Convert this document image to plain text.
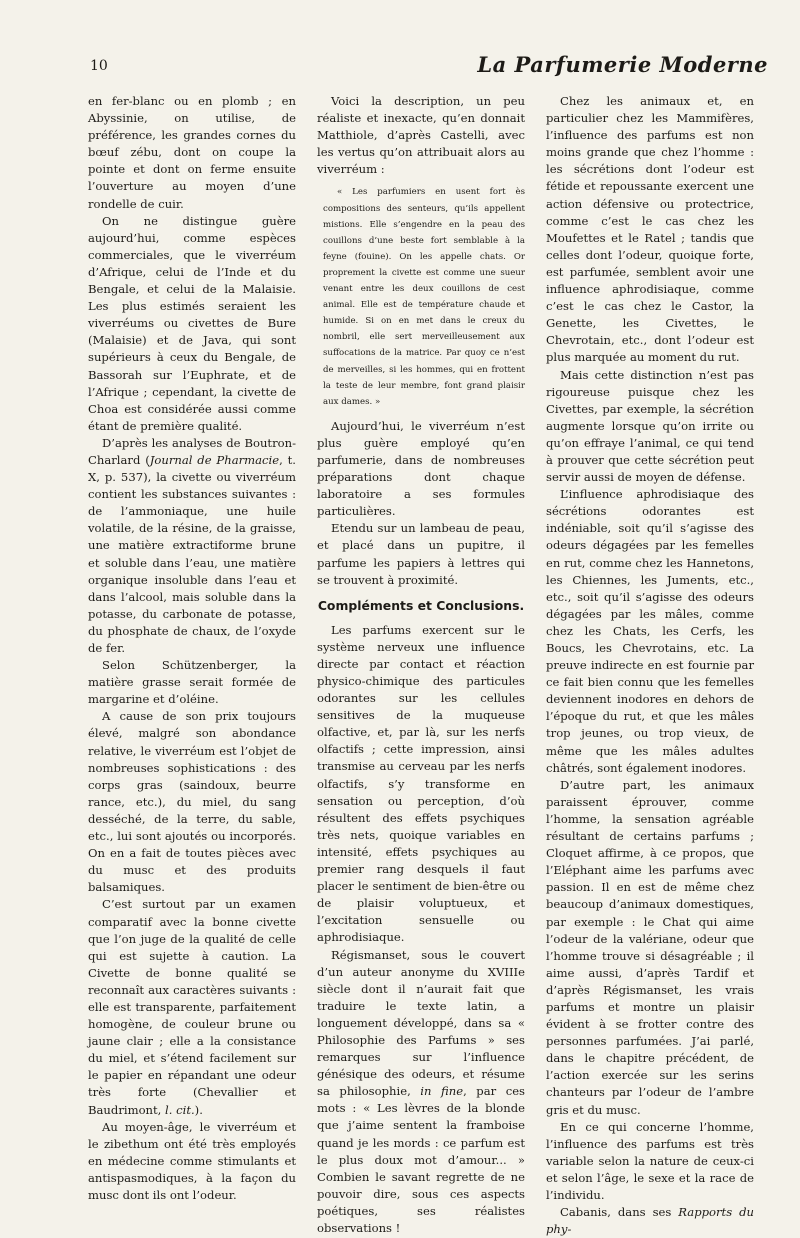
10	La Parfumerie Moderne

en fer-blanc ou en plomb ; en Abyssinie, on utilise, de préférence, les grandes cornes du bœuf zébu, dont on coupe la pointe et dont on ferme ensuite l’ouverture au moyen d’une rondelle de cuir.

On ne distingue guère aujourd’hui, comme espèces commerciales, que le viverréum d’Afrique, celui de l’Inde et du Bengale, et celui de la Malaisie. Les plus estimés seraient les viverréums ou civettes de Bure (Malaisie) et de Java, qui sont supérieurs à ceux du Bengale, de Bassorah sur l’Euphrate, et de l’Afrique ; cependant, la civette de Choa est considérée aussi comme étant de première qualité.

D’après les analyses de Boutron-Charlard (Journal de Pharmacie, t. X, p. 537), la civette ou viverréum contient les substances suivantes : de l’ammoniaque, une huile volatile, de la résine, de la graisse, une matière extractiforme brune et soluble dans l’eau, une matière organique insoluble dans l’eau et dans l’alcool, mais soluble dans la potasse, du carbonate de potasse, du phosphate de chaux, de l’oxyde de fer.

Selon Schützenberger, la matière grasse serait formée de margarine et d’oléine.

A cause de son prix toujours élevé, malgré son abondance relative, le viverréum est l’objet de nombreuses sophistications : des corps gras (saindoux, beurre rance, etc.), du miel, du sang desséché, de la terre, du sable, etc., lui sont ajoutés ou incorporés. On en a fait de toutes pièces avec du musc et des produits balsamiques.

C’est surtout par un examen comparatif avec la bonne civette que l’on juge de la qualité de celle qui est sujette à caution. La Civette de bonne qualité se reconnaît aux caractères suivants : elle est transparente, parfaitement homogène, de couleur brune ou jaune clair ; elle a la consistance du miel, et s’étend facilement sur le papier en répandant une odeur très forte (Chevallier et Baudrimont, l. cit.).

Au moyen-âge, le viverréum et le zibethum ont été très employés en médecine comme stimulants et antispasmodiques, à la façon du musc dont ils ont l’odeur.

Voici la description, un peu réaliste et inexacte, qu’en donnait Matthiole, d’après Castelli, avec les vertus qu’on attribuait alors au viverréum :

« Les parfumiers en usent fort ès compositions des senteurs, qu’ils appellent mistions. Elle s’engendre en la peau des couillons d’une beste fort semblable à la feyne (fouine). On les appelle chats. Or proprement la civette est comme une sueur venant entre les deux couillons de cest animal. Elle est de température chaude et humide. Si on en met dans le creux du nombril, elle sert merveilleusement aux suffocations de la matrice. Par quoy ce n’est de merveilles, si les hommes, qui en frottent la teste de leur membre, font grand plaisir aux dames. »

Aujourd’hui, le viverréum n’est plus guère employé qu’en parfumerie, dans de nombreuses préparations dont chaque laboratoire a ses formules particulières.

Etendu sur un lambeau de peau, et placé dans un pupitre, il parfume les papiers à lettres qui se trouvent à proximité.

Compléments et Conclusions.

Les parfums exercent sur le système nerveux une influence directe par contact et réaction physico-chimique des particules odorantes sur les cellules sensitives de la muqueuse olfactive, et, par là, sur les nerfs olfactifs ; cette impression, ainsi transmise au cerveau par les nerfs olfactifs, s’y transforme en sensation ou perception, d’où résultent des effets psychiques très nets, quoique variables en intensité, effets psychiques au premier rang desquels il faut placer le sentiment de bien-être ou de plaisir voluptueux, et l’excitation sensuelle ou aphrodisiaque.

Régismanset, sous le couvert d’un auteur anonyme du XVIIIe siècle dont il n’aurait fait que traduire le texte latin, a longuement développé, dans sa « Philosophie des Parfums » ses remarques sur l’influence génésique des odeurs, et résume sa philosophie, in fine, par ces mots : « Les lèvres de la blonde que j’aime sentent la framboise quand je les mords : ce parfum est le plus doux mot d’amour... » Combien le savant regrette de ne pouvoir dire, sous ces aspects poétiques, ses réalistes observations !

Chez les animaux et, en particulier chez les Mammifères, l’influence des parfums est non moins grande que chez l’homme : les sécrétions dont l’odeur est fétide et repoussante exercent une action défensive ou protectrice, comme c’est le cas chez les Moufettes et le Ratel ; tandis que celles dont l’odeur, quoique forte, est parfumée, semblent avoir une influence aphrodisiaque, comme c’est le cas chez le Castor, la Genette, les Civettes, le Chevrotain, etc., dont l’odeur est plus marquée au moment du rut.

Mais cette distinction n’est pas rigoureuse puisque chez les Civettes, par exemple, la sécrétion augmente lorsque qu’on irrite ou qu’on effraye l’animal, ce qui tend à prouver que cette sécrétion peut servir aussi de moyen de défense.

L’influence aphrodisiaque des sécrétions odorantes est indéniable, soit qu’il s’agisse des odeurs dégagées par les femelles en rut, comme chez les Hannetons, les Chiennes, les Juments, etc., etc., soit qu’il s’agisse des odeurs dégagées par les mâles, comme chez les Chats, les Cerfs, les Boucs, les Chevrotains, etc. La preuve indirecte en est fournie par ce fait bien connu que les femelles deviennent inodores en dehors de l’époque du rut, et que les mâles trop jeunes, ou trop vieux, de même que les mâles adultes châtrés, sont également inodores.

D’autre part, les animaux paraissent éprouver, comme l’homme, la sensation agréable résultant de certains parfums ; Cloquet affirme, à ce propos, que l’Eléphant aime les parfums avec passion. Il en est de même chez beaucoup d’animaux domestiques, par exemple : le Chat qui aime l’odeur de la valériane, odeur que l’homme trouve si désagréable ; il aime aussi, d’après Tardif et d’après Régismanset, les vrais parfums et montre un plaisir évident à se frotter contre des personnes parfumées. J’ai parlé, dans le chapitre précédent, de l’action exercée sur les serins chanteurs par l’odeur de l’ambre gris et du musc.

En ce qui concerne l’homme, l’influence des parfums est très variable selon la nature de ceux-ci et selon l’âge, le sexe et la race de l’individu.

Cabanis, dans ses Rapports du phy-
